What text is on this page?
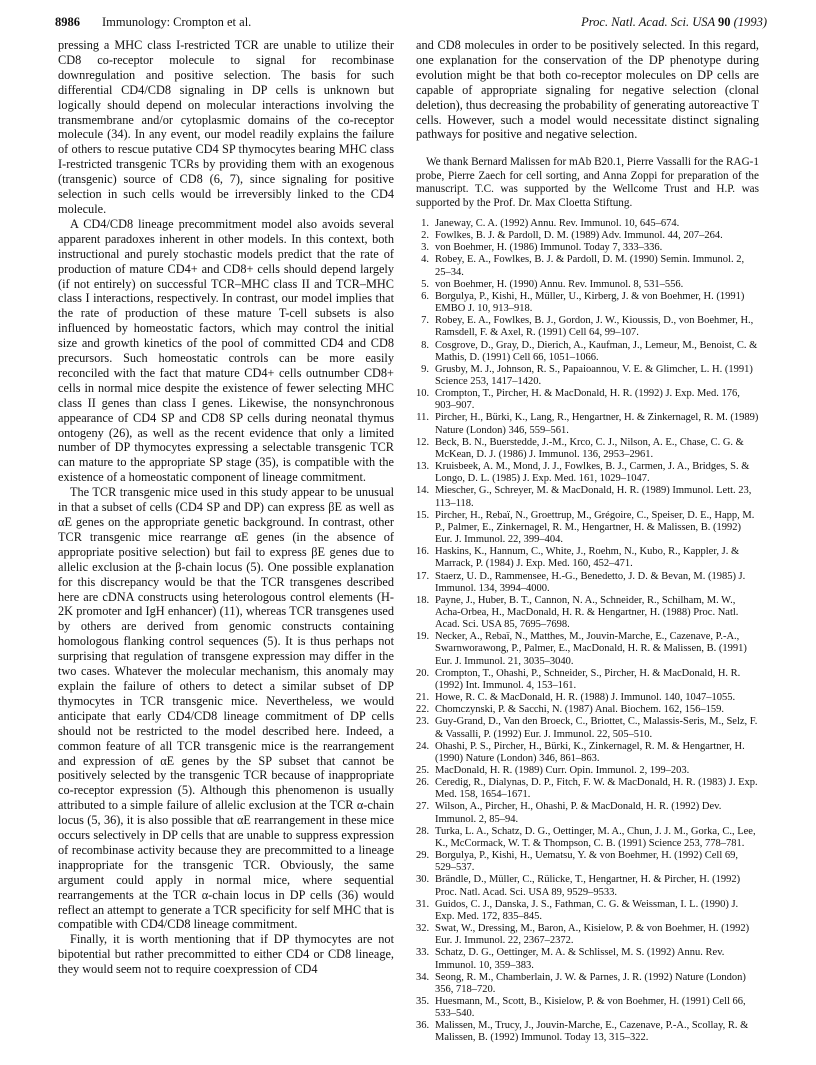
8986 Immunology: Crompton et al.	Proc. Natl. Acad. Sci. USA 90 (1993)

pressing a MHC class I-restricted TCR are unable to utilize their CD8 co-receptor molecule to signal for recombinase downregulation and positive selection. The basis for such differential CD4/CD8 signaling in DP cells is unknown but logically should depend on molecular interactions involving the transmembrane and/or cytoplasmic domains of the co-receptor molecule (34). In any event, our model readily explains the failure of others to rescue putative CD4 SP thymocytes bearing MHC class I-restricted transgenic TCRs by providing them with an exogenous (transgenic) source of CD8 (6, 7), since signaling for positive selection in such cells would be irreversibly linked to the CD4 molecule.

A CD4/CD8 lineage precommitment model also avoids several apparent paradoxes inherent in other models. In this context, both instructional and purely stochastic models predict that the rate of production of mature CD4+ and CD8+ cells should depend largely (if not entirely) on successful TCR–MHC class II and TCR–MHC class I interactions, respectively. In contrast, our model implies that the rate of production of these mature T-cell subsets is also influenced by homeostatic factors, which may control the initial size and growth kinetics of the pool of committed CD4 and CD8 precursors. Such homeostatic controls can be more easily reconciled with the fact that mature CD4+ cells outnumber CD8+ cells in normal mice despite the existence of fewer selecting MHC class II genes than class I genes. Likewise, the nonsynchronous appearance of CD4 SP and CD8 SP cells during neonatal thymus ontogeny (26), as well as the recent evidence that only a limited number of DP thymocytes expressing a selectable transgenic TCR can mature to the appropriate SP stage (35), is compatible with the existence of a homeostatic component of lineage commitment.

The TCR transgenic mice used in this study appear to be unusual in that a subset of cells (CD4 SP and DP) can express βE as well as αE genes on the appropriate genetic background. In contrast, other TCR transgenic mice rearrange αE genes (in the absence of appropriate positive selection) but fail to express βE genes due to allelic exclusion at the β-chain locus (5). One possible explanation for this discrepancy would be that the TCR transgenes described here are cDNA constructs using heterologous control elements (H-2K promoter and IgH enhancer) (11), whereas TCR transgenes used by others are derived from genomic constructs containing homologous flanking control sequences (5). It is thus perhaps not surprising that regulation of transgene expression may differ in the two cases. Whatever the molecular mechanism, this anomaly may explain the failure of others to detect a similar subset of DP thymocytes in TCR transgenic mice. Nevertheless, we would anticipate that early CD4/CD8 lineage commitment of DP cells should not be restricted to the model described here. Indeed, a common feature of all TCR transgenic mice is the rearrangement and expression of αE genes by the SP subset that cannot be positively selected by the transgenic TCR because of inappropriate co-receptor expression (5). Although this phenomenon is usually attributed to a simple failure of allelic exclusion at the TCR α-chain locus (5, 36), it is also possible that αE rearrangement in these mice occurs selectively in DP cells that are unable to suppress expression of recombinase activity because they are precommitted to a lineage inappropriate for the transgenic TCR. Obviously, the same argument could apply in normal mice, where sequential rearrangements at the TCR α-chain locus in DP cells (36) would reflect an attempt to generate a TCR specificity for self MHC that is compatible with CD4/CD8 lineage commitment.

Finally, it is worth mentioning that if DP thymocytes are not bipotential but rather precommitted to either CD4 or CD8 lineage, they would seem not to require coexpression of CD4

and CD8 molecules in order to be positively selected. In this regard, one explanation for the conservation of the DP phenotype during evolution might be that both co-receptor molecules on DP cells are capable of appropriate signaling for negative selection (clonal deletion), thus decreasing the probability of generating autoreactive T cells. However, such a model would necessitate distinct signaling pathways for positive and negative selection.

We thank Bernard Malissen for mAb B20.1, Pierre Vassalli for the RAG-1 probe, Pierre Zaech for cell sorting, and Anna Zoppi for preparation of the manuscript. T.C. was supported by the Wellcome Trust and H.P. was supported by the Prof. Dr. Max Cloetta Stiftung.

1. Janeway, C. A. (1992) Annu. Rev. Immunol. 10, 645–674.
2. Fowlkes, B. J. & Pardoll, D. M. (1989) Adv. Immunol. 44, 207–264.
3. von Boehmer, H. (1986) Immunol. Today 7, 333–336.
4. Robey, E. A., Fowlkes, B. J. & Pardoll, D. M. (1990) Semin. Immunol. 2, 25–34.
5. von Boehmer, H. (1990) Annu. Rev. Immunol. 8, 531–556.
6. Borgulya, P., Kishi, H., Müller, U., Kirberg, J. & von Boehmer, H. (1991) EMBO J. 10, 913–918.
7. Robey, E. A., Fowlkes, B. J., Gordon, J. W., Kioussis, D., von Boehmer, H., Ramsdell, F. & Axel, R. (1991) Cell 64, 99–107.
8. Cosgrove, D., Gray, D., Dierich, A., Kaufman, J., Lemeur, M., Benoist, C. & Mathis, D. (1991) Cell 66, 1051–1066.
9. Grusby, M. J., Johnson, R. S., Papaioannou, V. E. & Glimcher, L. H. (1991) Science 253, 1417–1420.
10. Crompton, T., Pircher, H. & MacDonald, H. R. (1992) J. Exp. Med. 176, 903–907.
11. Pircher, H., Bürki, K., Lang, R., Hengartner, H. & Zinkernagel, R. M. (1989) Nature (London) 346, 559–561.
12. Beck, B. N., Buerstedde, J.-M., Krco, C. J., Nilson, A. E., Chase, C. G. & McKean, D. J. (1986) J. Immunol. 136, 2953–2961.
13. Kruisbeek, A. M., Mond, J. J., Fowlkes, B. J., Carmen, J. A., Bridges, S. & Longo, D. L. (1985) J. Exp. Med. 161, 1029–1047.
14. Miescher, G., Schreyer, M. & MacDonald, H. R. (1989) Immunol. Lett. 23, 113–118.
15. Pircher, H., Rebaï, N., Groettrup, M., Grégoire, C., Speiser, D. E., Happ, M. P., Palmer, E., Zinkernagel, R. M., Hengartner, H. & Malissen, B. (1992) Eur. J. Immunol. 22, 399–404.
16. Haskins, K., Hannum, C., White, J., Roehm, N., Kubo, R., Kappler, J. & Marrack, P. (1984) J. Exp. Med. 160, 452–471.
17. Staerz, U. D., Rammensee, H.-G., Benedetto, J. D. & Bevan, M. (1985) J. Immunol. 134, 3994–4000.
18. Payne, J., Huber, B. T., Cannon, N. A., Schneider, R., Schilham, M. W., Acha-Orbea, H., MacDonald, H. R. & Hengartner, H. (1988) Proc. Natl. Acad. Sci. USA 85, 7695–7698.
19. Necker, A., Rebaï, N., Matthes, M., Jouvin-Marche, E., Cazenave, P.-A., Swarnworawong, P., Palmer, E., MacDonald, H. R. & Malissen, B. (1991) Eur. J. Immunol. 21, 3035–3040.
20. Crompton, T., Ohashi, P., Schneider, S., Pircher, H. & MacDonald, H. R. (1992) Int. Immunol. 4, 153–161.
21. Howe, R. C. & MacDonald, H. R. (1988) J. Immunol. 140, 1047–1055.
22. Chomczynski, P. & Sacchi, N. (1987) Anal. Biochem. 162, 156–159.
23. Guy-Grand, D., Van den Broeck, C., Briottet, C., Malassis-Seris, M., Selz, F. & Vassalli, P. (1992) Eur. J. Immunol. 22, 505–510.
24. Ohashi, P. S., Pircher, H., Bürki, K., Zinkernagel, R. M. & Hengartner, H. (1990) Nature (London) 346, 861–863.
25. MacDonald, H. R. (1989) Curr. Opin. Immunol. 2, 199–203.
26. Ceredig, R., Dialynas, D. P., Fitch, F. W. & MacDonald, H. R. (1983) J. Exp. Med. 158, 1654–1671.
27. Wilson, A., Pircher, H., Ohashi, P. & MacDonald, H. R. (1992) Dev. Immunol. 2, 85–94.
28. Turka, L. A., Schatz, D. G., Oettinger, M. A., Chun, J. J. M., Gorka, C., Lee, K., McCormack, W. T. & Thompson, C. B. (1991) Science 253, 778–781.
29. Borgulya, P., Kishi, H., Uematsu, Y. & von Boehmer, H. (1992) Cell 69, 529–537.
30. Brändle, D., Müller, C., Rülicke, T., Hengartner, H. & Pircher, H. (1992) Proc. Natl. Acad. Sci. USA 89, 9529–9533.
31. Guidos, C. J., Danska, J. S., Fathman, C. G. & Weissman, I. L. (1990) J. Exp. Med. 172, 835–845.
32. Swat, W., Dressing, M., Baron, A., Kisielow, P. & von Boehmer, H. (1992) Eur. J. Immunol. 22, 2367–2372.
33. Schatz, D. G., Oettinger, M. A. & Schlissel, M. S. (1992) Annu. Rev. Immunol. 10, 359–383.
34. Seong, R. M., Chamberlain, J. W. & Parnes, J. R. (1992) Nature (London) 356, 718–720.
35. Huesmann, M., Scott, B., Kisielow, P. & von Boehmer, H. (1991) Cell 66, 533–540.
36. Malissen, M., Trucy, J., Jouvin-Marche, E., Cazenave, P.-A., Scollay, R. & Malissen, B. (1992) Immunol. Today 13, 315–322.
